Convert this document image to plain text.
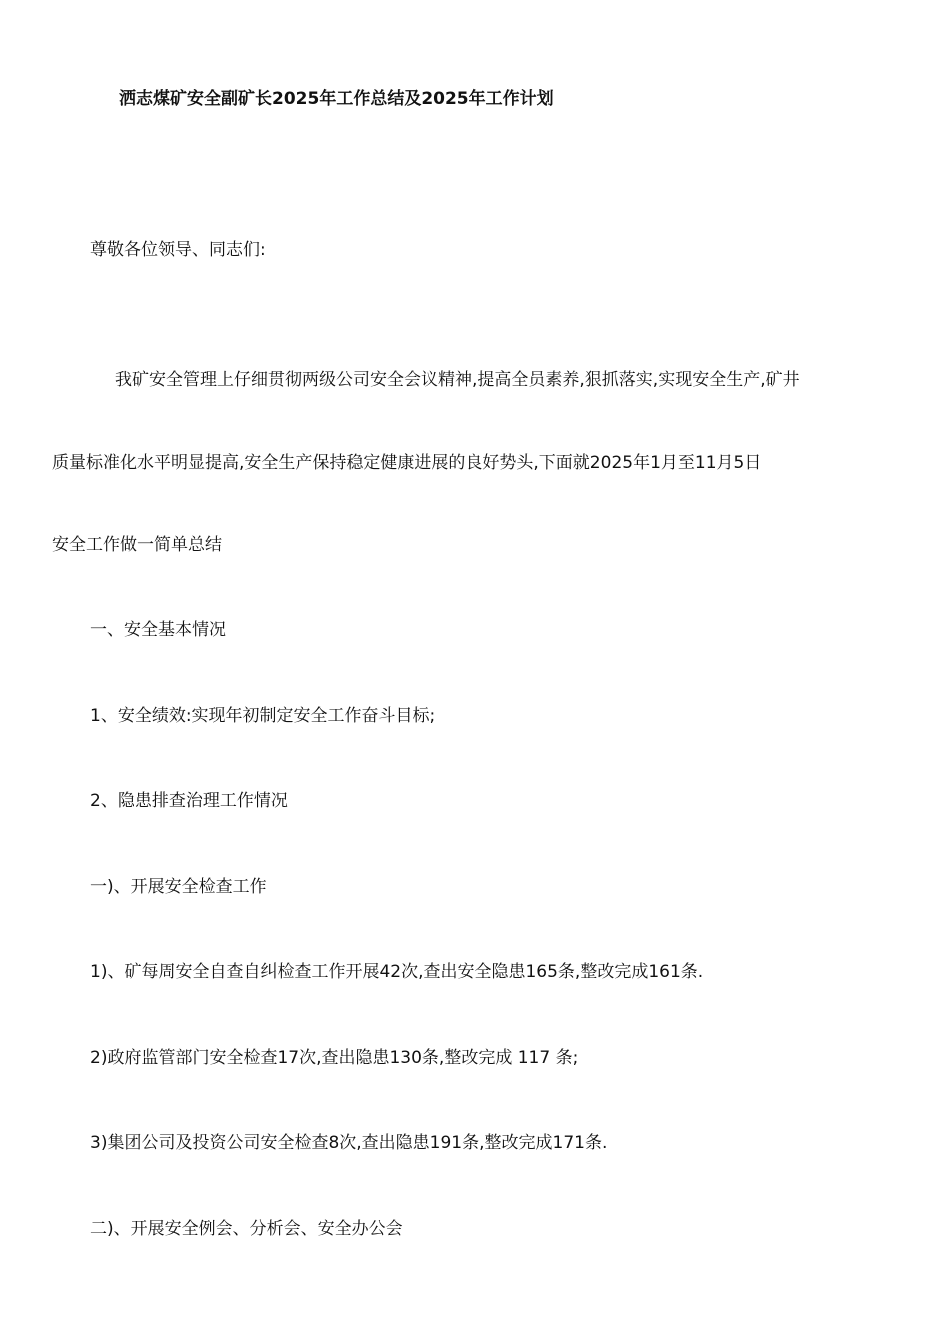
洒志煤矿安全副矿长2025年工作总结及2025年工作计划
尊敬各位领导、同志们:
我矿安全管理上仔细贯彻两级公司安全会议精神,提高全员素养,狠抓落实,实现安全生产,矿井
质量标准化水平明显提高,安全生产保持稳定健康进展的良好势头,下面就2025年1月至11月5日
安全工作做一简单总结
一、安全基本情况
1、安全绩效:实现年初制定安全工作奋斗目标;
2、隐患排查治理工作情况
一)、开展安全检查工作
1)、矿每周安全自查自纠检查工作开展42次,查出安全隐患165条,整改完成161条.
2)政府监管部门安全检查17次,查出隐患130条,整改完成 117 条;
3)集团公司及投资公司安全检查8次,查出隐患191条,整改完成171条.
二)、开展安全例会、分析会、安全办公会
